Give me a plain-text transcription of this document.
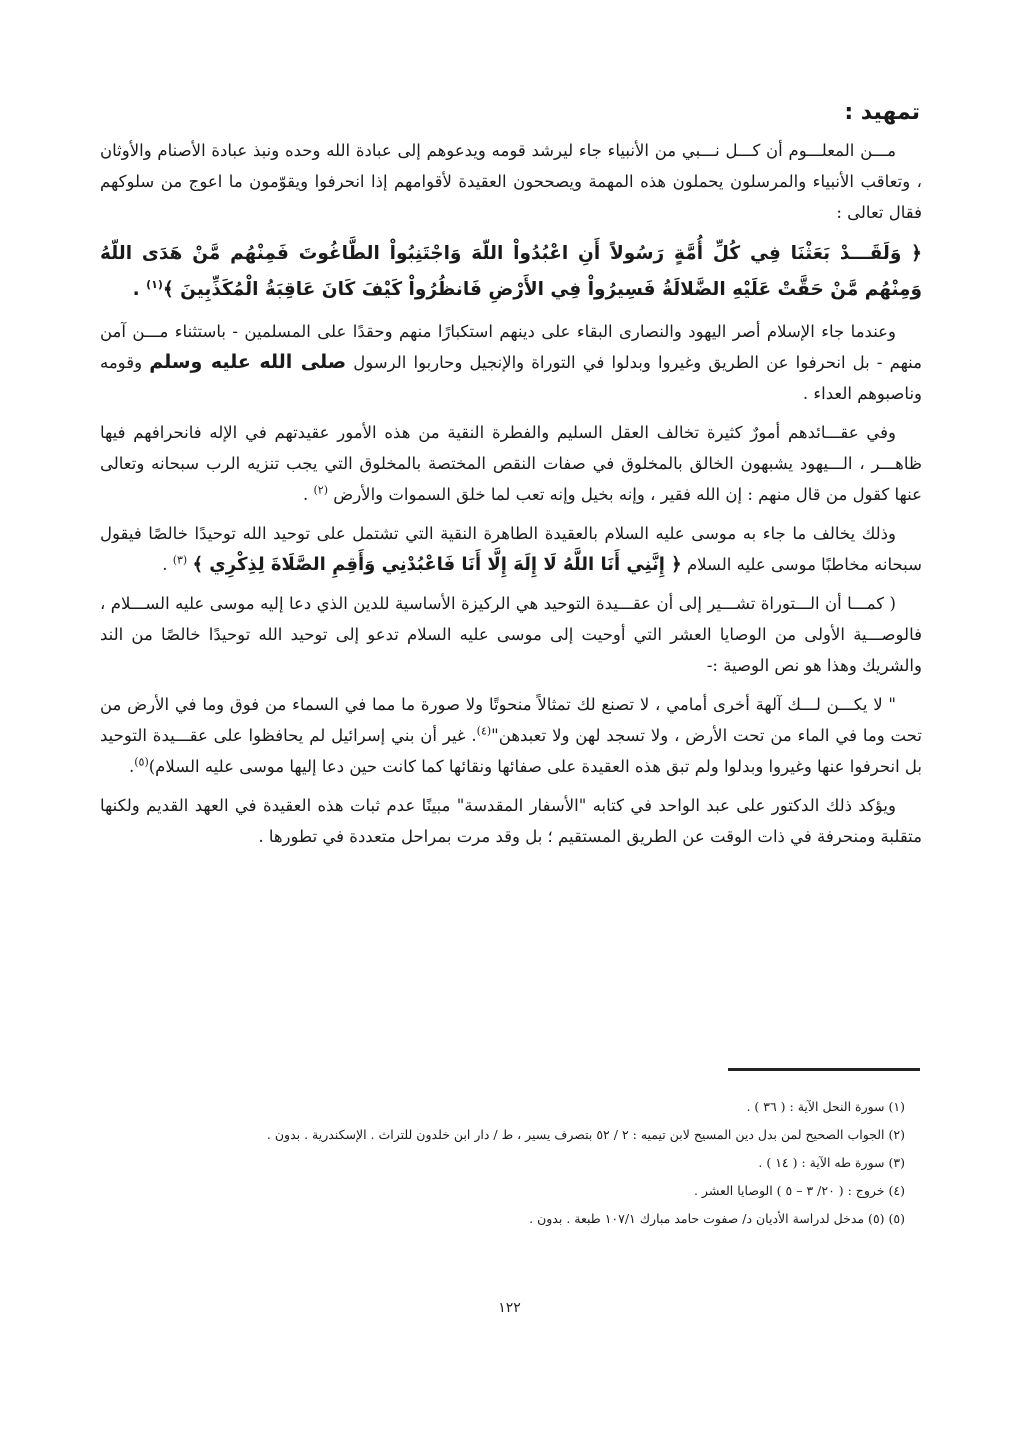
تمهيد :

مـــن المعلـــوم أن كـــل نـــبي من الأنبياء جاء ليرشد قومه ويدعوهم إلى عبادة الله وحده ونبذ عبادة الأصنام والأوثان ، وتعاقب الأنبياء والمرسلون يحملون هذه المهمة ويصححون العقيدة لأقوامهم إذا انحرفوا ويقوّمون ما اعوج من سلوكهم فقال تعالى :

﴿ وَلَقَـــدْ بَعَثْنَا فِي كُلِّ أُمَّةٍ رَسُولاً أَنِ اعْبُدُواْ اللّهَ وَاجْتَنِبُواْ الطَّاغُوتَ فَمِنْهُم مَّنْ هَدَى اللّهُ وَمِنْهُم مَّنْ حَقَّتْ عَلَيْهِ الضَّلالَةُ فَسِيرُواْ فِي الأَرْضِ فَانظُرُواْ كَيْفَ كَانَ عَاقِبَةُ الْمُكَذِّبِينَ ﴾$^{(١)}$ .

وعندما جاء الإسلام أصر اليهود والنصارى البقاء على دينهم استكبارًا منهم وحقدًا على المسلمين - باستثناء مـــن آمن منهم - بل انحرفوا عن الطريق وغيروا وبدلوا في التوراة والإنجيل وحاربوا الرسول صلى الله عليه وسلم وقومه وناصبوهم العداء .

وفي عقـــائدهم أمورٌ كثيرة تخالف العقل السليم والفطرة النقية من هذه الأمور عقيدتهم في الإله فانحرافهم فيها ظاهـــر ، الـــيهود يشبهون الخالق بالمخلوق في صفات النقص المختصة بالمخلوق التي يجب تنزيه الرب سبحانه وتعالى عنها كقول من قال منهم : إن الله فقير ، وإنه بخيل وإنه تعب لما خلق السموات والأرض $^{(٢)}$ .

وذلك يخالف ما جاء به موسى عليه السلام بالعقيدة الطاهرة النقية التي تشتمل على توحيد الله توحيدًا خالصًا فيقول سبحانه مخاطبًا موسى عليه السلام ﴿ إِنَّنِي أَنَا اللَّهُ لَا إِلَهَ إِلَّا أَنَا فَاعْبُدْنِي وَأَقِمِ الصَّلَاةَ لِذِكْرِي ﴾ $^{(٣)}$ .

( كمـــا أن الـــتوراة تشـــير إلى أن عقـــيدة التوحيد هي الركيزة الأساسية للدين الذي دعا إليه موسى عليه الســـلام ، فالوصـــية الأولى من الوصايا العشر التي أوحيت إلى موسى عليه السلام تدعو إلى توحيد الله توحيدًا خالصًا من الند والشريك وهذا هو نص الوصية :-

" لا يكـــن لـــك آلهة أخرى أمامي ، لا تصنع لك تمثالاً منحوتًا ولا صورة ما مما في السماء من فوق وما في الأرض من تحت وما في الماء من تحت الأرض ، ولا تسجد لهن ولا تعبدهن"$^{(٤)}$. غير أن بني إسرائيل لم يحافظوا على عقـــيدة التوحيد بل انحرفوا عنها وغيروا وبدلوا ولم تبق هذه العقيدة على صفائها ونقائها كما كانت حين دعا إليها موسى عليه السلام)$^{(٥)}$.

ويؤكد ذلك الدكتور على عبد الواحد في كتابه "الأسفار المقدسة" مبينًا عدم ثبات هذه العقيدة في العهد القديم ولكنها متقلبة ومنحرفة في ذات الوقت عن الطريق المستقيم ؛ بل وقد مرت بمراحل متعددة في تطورها .

(١) سورة النحل الآية : ( ٣٦ ) .
(٢) الجواب الصحيح لمن بدل دين المسيح لابن تيميه : ٢ / ٥٢ بتصرف يسير ، ط / دار ابن خلدون للتراث . الإسكندرية . بدون .
(٣) سورة طه الآية : ( ١٤ ) .
(٤) خروج : ( ٢٠/ ٣ – ٥ ) الوصايا العشر .
(٥) (٥) مدخل لدراسة الأديان د/ صفوت حامد مبارك ١٠٧/١ طبعة . بدون .
١٢٢
